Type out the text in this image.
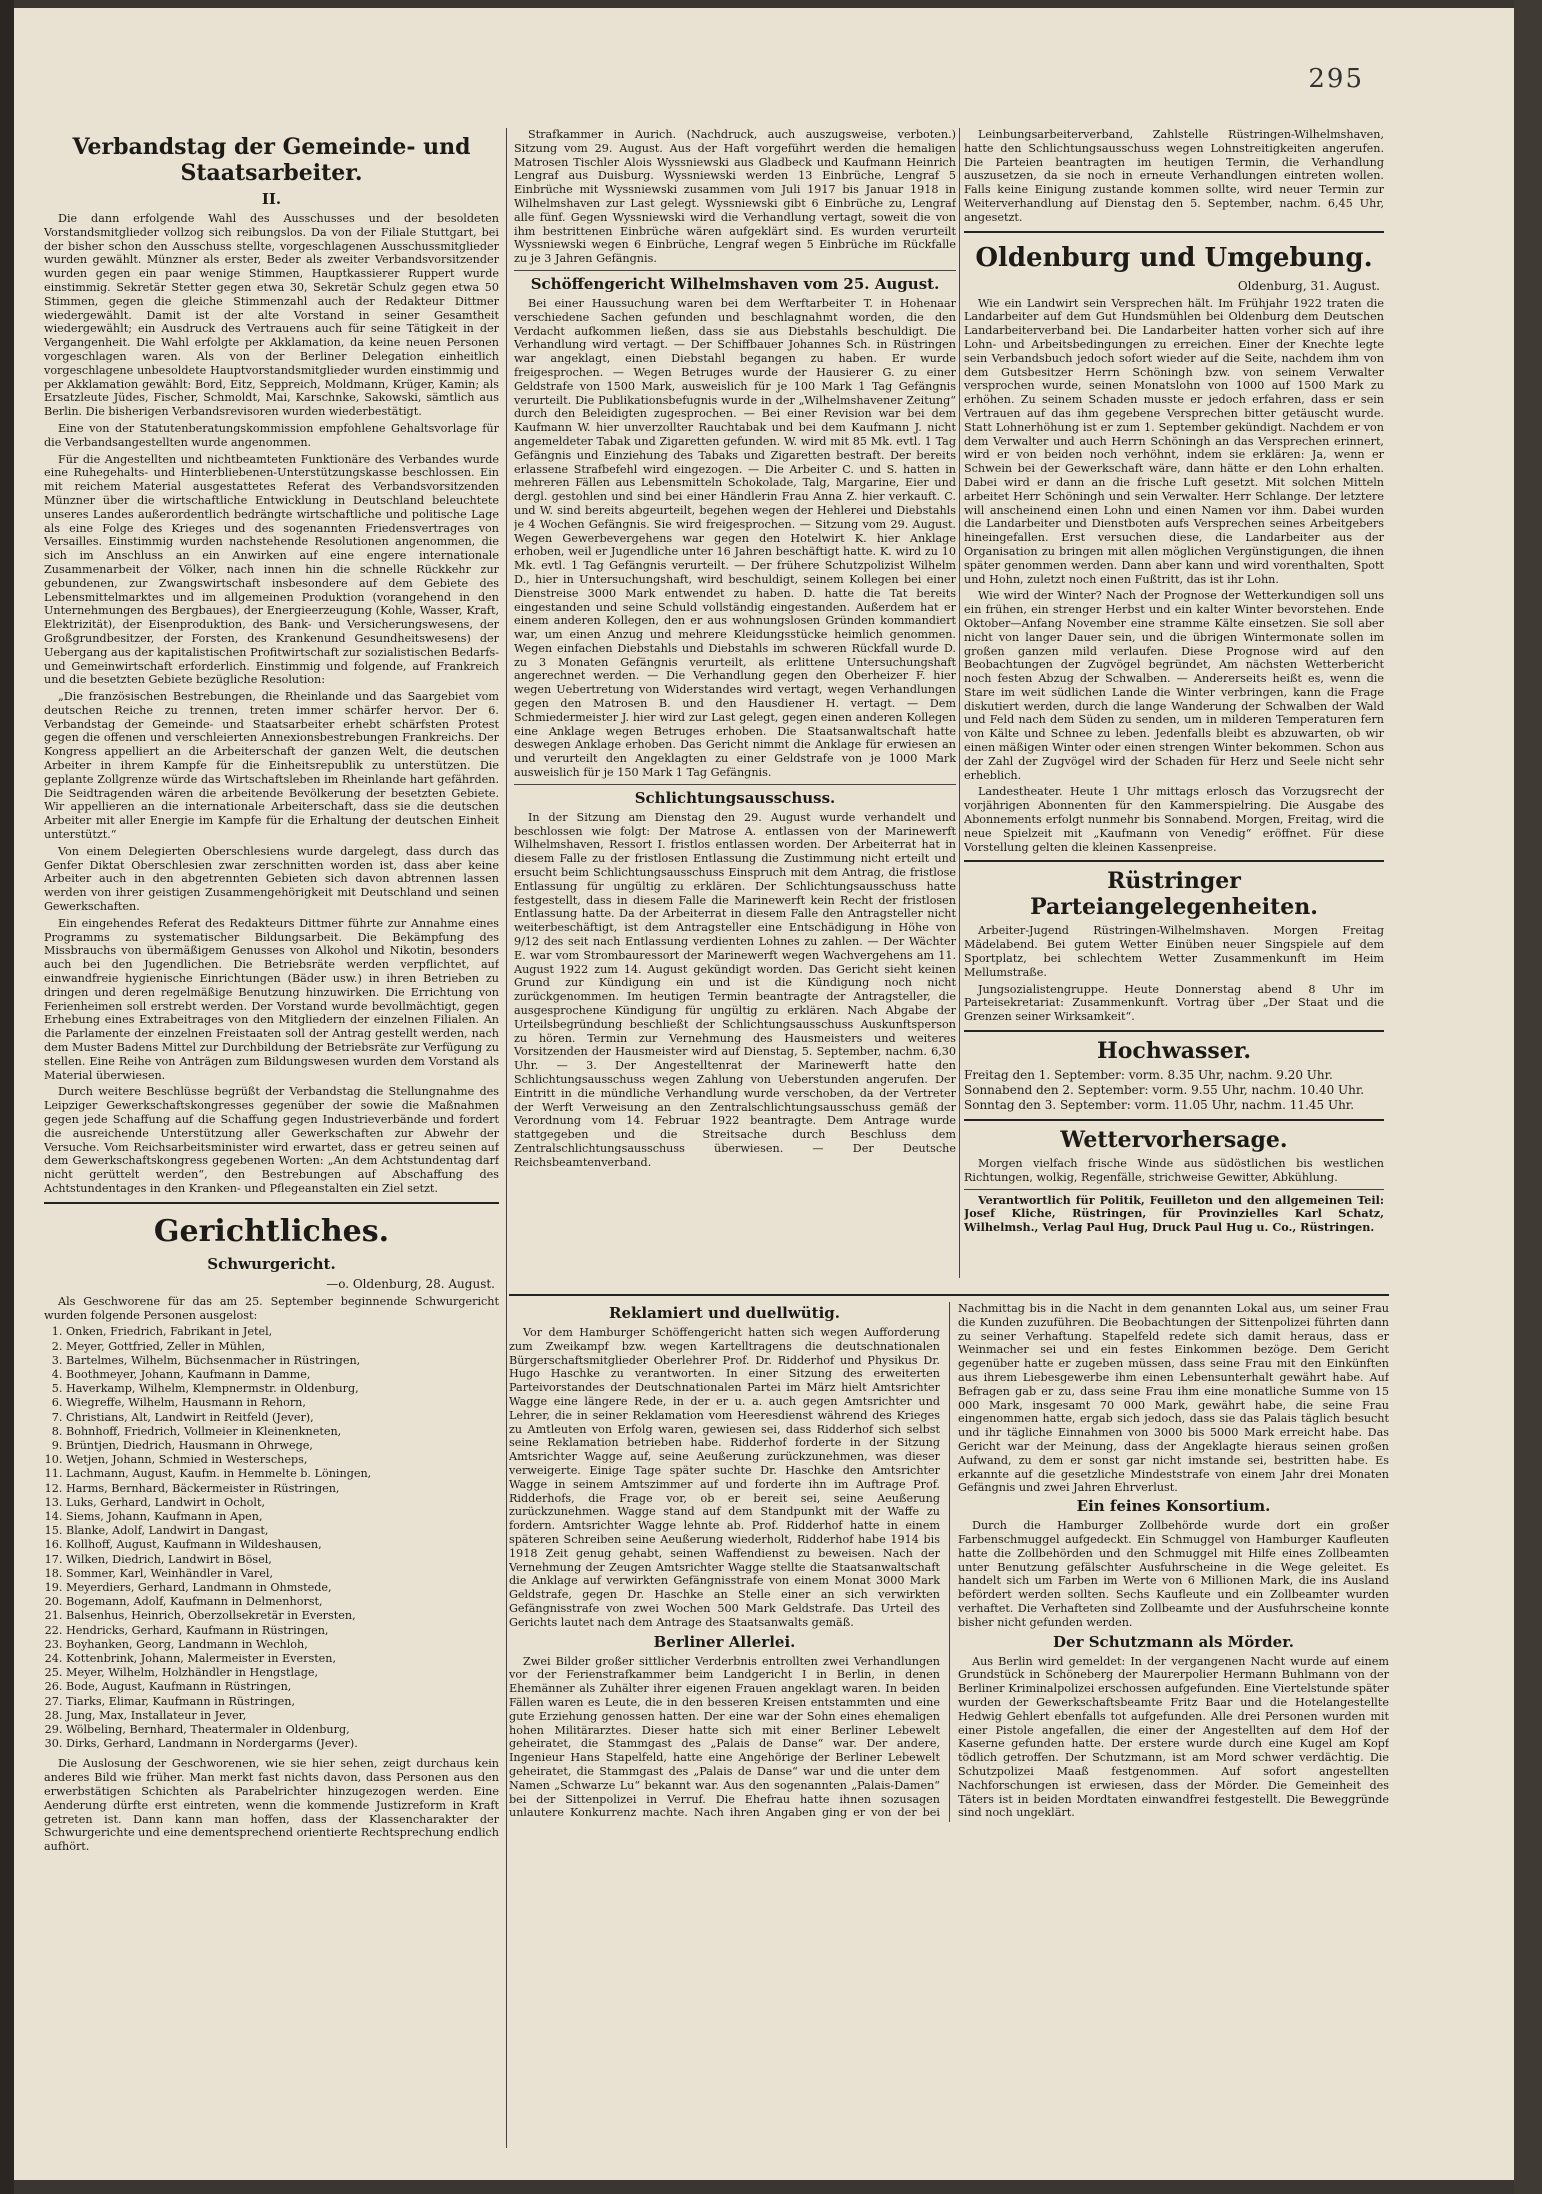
295
Verbandstag der Gemeinde- und Staatsarbeiter.
II.

Die dann erfolgende Wahl des Ausschusses und der besoldeten Vorstandsmitglieder vollzog sich reibungslos. Da von der Filiale Stuttgart, bei der bisher schon den Ausschuss stellte, vorgeschlagenen Ausschussmitglieder wurden gewählt. Münzner als erster, Beder als zweiter Verbandsvorsitzender wurden gegen ein paar wenige Stimmen, Hauptkassierer Ruppert wurde einstimmig. Sekretär Stetter gegen etwa 30, Sekretär Schulz gegen etwa 50 Stimmen, gegen die gleiche Stimmenzahl auch der Redakteur Dittmer wiedergewählt. Damit ist der alte Vorstand in seiner Gesamtheit wiedergewählt; ein Ausdruck des Vertrauens auch für seine Tätigkeit in der Vergangenheit. Die Wahl erfolgte per Akklamation, da keine neuen Personen vorgeschlagen waren. Als von der Berliner Delegation einheitlich vorgeschlagene unbesoldete Hauptvorstandsmitglieder wurden einstimmig und per Akklamation gewählt: Bord, Eitz, Seppreich, Moldmann, Krüger, Kamin; als Ersatzleute Jüdes, Fischer, Schmoldt, Mai, Karschnke, Sakowski, sämtlich aus Berlin. Die bisherigen Verbandsrevisoren wurden wiederbestätigt.

Eine von der Statutenberatungskommission empfohlene Gehaltsvorlage für die Verbandsangestellten wurde angenommen.

Für die Angestellten und nichtbeamteten Funktionäre des Verbandes wurde eine Ruhegehalts- und Hinterbliebenen-Unterstützungskasse beschlossen. Ein mit reichem Material ausgestattetes Referat des Verbandsvorsitzenden Münzner über die wirtschaftliche Entwicklung in Deutschland beleuchtete unseres Landes außerordentlich bedrängte wirtschaftliche und politische Lage als eine Folge des Krieges und des sogenannten Friedensvertrages von Versailles. Einstimmig wurden nachstehende Resolutionen angenommen, die sich im Anschluss an ein Anwirken auf eine engere internationale Zusammenarbeit der Völker, nach innen hin die schnelle Rückkehr zur gebundenen, zur Zwangswirtschaft insbesondere auf dem Gebiete des Lebensmittelmarktes und im allgemeinen Produktion (vorangehend in den Unternehmungen des Bergbaues), der Energieerzeugung (Kohle, Wasser, Kraft, Elektrizität), der Eisenproduktion, des Bank- und Versicherungswesens, der Großgrundbesitzer, der Forsten, des Krankenund Gesundheitswesens) der Uebergang aus der kapitalistischen Profitwirtschaft zur sozialistischen Bedarfs- und Gemeinwirtschaft erforderlich. Einstimmig und folgende, auf Frankreich und die besetzten Gebiete bezügliche Resolution:

„Die französischen Bestrebungen, die Rheinlande und das Saargebiet vom deutschen Reiche zu trennen, treten immer schärfer hervor. Der 6. Verbandstag der Gemeinde- und Staatsarbeiter erhebt schärfsten Protest gegen die offenen und verschleierten Annexionsbestrebungen Frankreichs. Der Kongress appelliert an die Arbeiterschaft der ganzen Welt, die deutschen Arbeiter in ihrem Kampfe für die Einheitsrepublik zu unterstützen. Die geplante Zollgrenze würde das Wirtschaftsleben im Rheinlande hart gefährden. Die Seidtragenden wären die arbeitende Bevölkerung der besetzten Gebiete. Wir appellieren an die internationale Arbeiterschaft, dass sie die deutschen Arbeiter mit aller Energie im Kampfe für die Erhaltung der deutschen Einheit unterstützt.“

Von einem Delegierten Oberschlesiens wurde dargelegt, dass durch das Genfer Diktat Oberschlesien zwar zerschnitten worden ist, dass aber keine Arbeiter auch in den abgetrennten Gebieten sich davon abtrennen lassen werden von ihrer geistigen Zusammengehörigkeit mit Deutschland und seinen Gewerkschaften.

Ein eingehendes Referat des Redakteurs Dittmer führte zur Annahme eines Programms zu systematischer Bildungsarbeit. Die Bekämpfung des Missbrauchs von übermäßigem Genusses von Alkohol und Nikotin, besonders auch bei den Jugendlichen. Die Betriebsräte werden verpflichtet, auf einwandfreie hygienische Einrichtungen (Bäder usw.) in ihren Betrieben zu dringen und deren regelmäßige Benutzung hinzuwirken. Die Errichtung von Ferienheimen soll erstrebt werden. Der Vorstand wurde bevollmächtigt, gegen Erhebung eines Extrabeitrages von den Mitgliedern der einzelnen Filialen. An die Parlamente der einzelnen Freistaaten soll der Antrag gestellt werden, nach dem Muster Badens Mittel zur Durchbildung der Betriebsräte zur Verfügung zu stellen. Eine Reihe von Anträgen zum Bildungswesen wurden dem Vorstand als Material überwiesen.

Durch weitere Beschlüsse begrüßt der Verbandstag die Stellungnahme des Leipziger Gewerkschaftskongresses gegenüber der sowie die Maßnahmen gegen jede Schaffung auf die Schaffung gegen Industrieverbände und fordert die ausreichende Unterstützung aller Gewerkschaften zur Abwehr der Versuche. Vom Reichsarbeitsminister wird erwartet, dass er getreu seinen auf dem Gewerkschaftskongress gegebenen Worten: „An dem Achtstundentag darf nicht gerüttelt werden“, den Bestrebungen auf Abschaffung des Achtstundentages in den Kranken- und Pflegeanstalten ein Ziel setzt.

Gerichtliches.
Schwurgericht.
—o. Oldenburg, 28. August.

Als Geschworene für das am 25. September beginnende Schwurgericht wurden folgende Personen ausgelost:

1. Onken, Friedrich, Fabrikant in Jetel,
2. Meyer, Gottfried, Zeller in Mühlen,
3. Bartelmes, Wilhelm, Büchsenmacher in Rüstringen,
4. Boothmeyer, Johann, Kaufmann in Damme,
5. Haverkamp, Wilhelm, Klempnermstr. in Oldenburg,
6. Wiegreffe, Wilhelm, Hausmann in Rehorn,
7. Christians, Alt, Landwirt in Reitfeld (Jever),
8. Bohnhoff, Friedrich, Vollmeier in Kleinenkneten,
9. Brüntjen, Diedrich, Hausmann in Ohrwege,
10. Wetjen, Johann, Schmied in Westerscheps,
11. Lachmann, August, Kaufm. in Hemmelte b. Löningen,
12. Harms, Bernhard, Bäckermeister in Rüstringen,
13. Luks, Gerhard, Landwirt in Ocholt,
14. Siems, Johann, Kaufmann in Apen,
15. Blanke, Adolf, Landwirt in Dangast,
16. Kollhoff, August, Kaufmann in Wildeshausen,
17. Wilken, Diedrich, Landwirt in Bösel,
18. Sommer, Karl, Weinhändler in Varel,
19. Meyerdiers, Gerhard, Landmann in Ohmstede,
20. Bogemann, Adolf, Kaufmann in Delmenhorst,
21. Balsenhus, Heinrich, Oberzollsekretär in Eversten,
22. Hendricks, Gerhard, Kaufmann in Rüstringen,
23. Boyhanken, Georg, Landmann in Wechloh,
24. Kottenbrink, Johann, Malermeister in Eversten,
25. Meyer, Wilhelm, Holzhändler in Hengstlage,
26. Bode, August, Kaufmann in Rüstringen,
27. Tiarks, Elimar, Kaufmann in Rüstringen,
28. Jung, Max, Installateur in Jever,
29. Wölbeling, Bernhard, Theatermaler in Oldenburg,
30. Dirks, Gerhard, Landmann in Nordergarms (Jever).

Die Auslosung der Geschworenen, wie sie hier sehen, zeigt durchaus kein anderes Bild wie früher. Man merkt fast nichts davon, dass Personen aus den erwerbstätigen Schichten als Parabelrichter hinzugezogen werden. Eine Aenderung dürfte erst eintreten, wenn die kommende Justizreform in Kraft getreten ist. Dann kann man hoffen, dass der Klassencharakter der Schwurgerichte und eine dementsprechend orientierte Rechtsprechung endlich aufhört.

Strafkammer in Aurich. (Nachdruck, auch auszugsweise, verboten.) Sitzung vom 29. August. Aus der Haft vorgeführt werden die hemaligen Matrosen Tischler Alois Wyssniewski aus Gladbeck und Kaufmann Heinrich Lengraf aus Duisburg. Wyssniewski werden 13 Einbrüche, Lengraf 5 Einbrüche mit Wyssniewski zusammen vom Juli 1917 bis Januar 1918 in Wilhelmshaven zur Last gelegt. Wyssniewski gibt 6 Einbrüche zu, Lengraf alle fünf. Gegen Wyssniewski wird die Verhandlung vertagt, soweit die von ihm bestrittenen Einbrüche wären aufgeklärt sind. Es wurden verurteilt Wyssniewski wegen 6 Einbrüche, Lengraf wegen 5 Einbrüche im Rückfalle zu je 3 Jahren Gefängnis.

Schöffengericht Wilhelmshaven vom 25. August.

Bei einer Haussuchung waren bei dem Werftarbeiter T. in Hohenaar verschiedene Sachen gefunden und beschlagnahmt worden, die den Verdacht aufkommen ließen, dass sie aus Diebstahls beschuldigt. Die Verhandlung wird vertagt. — Der Schiffbauer Johannes Sch. in Rüstringen war angeklagt, einen Diebstahl begangen zu haben. Er wurde freigesprochen. — Wegen Betruges wurde der Hausierer G. zu einer Geldstrafe von 1500 Mark, ausweislich für je 100 Mark 1 Tag Gefängnis verurteilt. Die Publikationsbefugnis wurde in der „Wilhelmshavener Zeitung“ durch den Beleidigten zugesprochen. — Bei einer Revision war bei dem Kaufmann W. hier unverzollter Rauchtabak und bei dem Kaufmann J. nicht angemeldeter Tabak und Zigaretten gefunden. W. wird mit 85 Mk. evtl. 1 Tag Gefängnis und Einziehung des Tabaks und Zigaretten bestraft. Der bereits erlassene Strafbefehl wird eingezogen. — Die Arbeiter C. und S. hatten in mehreren Fällen aus Lebensmitteln Schokolade, Talg, Margarine, Eier und dergl. gestohlen und sind bei einer Händlerin Frau Anna Z. hier verkauft. C. und W. sind bereits abgeurteilt, begehen wegen der Hehlerei und Diebstahls je 4 Wochen Gefängnis. Sie wird freigesprochen. — Sitzung vom 29. August. Wegen Gewerbevergehens war gegen den Hotelwirt K. hier Anklage erhoben, weil er Jugendliche unter 16 Jahren beschäftigt hatte. K. wird zu 10 Mk. evtl. 1 Tag Gefängnis verurteilt. — Der frühere Schutzpolizist Wilhelm D., hier in Untersuchungshaft, wird beschuldigt, seinem Kollegen bei einer Dienstreise 3000 Mark entwendet zu haben. D. hatte die Tat bereits eingestanden und seine Schuld vollständig eingestanden. Außerdem hat er einem anderen Kollegen, den er aus wohnungslosen Gründen kommandiert war, um einen Anzug und mehrere Kleidungsstücke heimlich genommen. Wegen einfachen Diebstahls und Diebstahls im schweren Rückfall wurde D. zu 3 Monaten Gefängnis verurteilt, als erlittene Untersuchungshaft angerechnet werden. — Die Verhandlung gegen den Oberheizer F. hier wegen Uebertretung von Widerstandes wird vertagt, wegen Verhandlungen gegen den Matrosen B. und den Hausdiener H. vertagt. — Dem Schmiedermeister J. hier wird zur Last gelegt, gegen einen anderen Kollegen eine Anklage wegen Betruges erhoben. Die Staatsanwaltschaft hatte deswegen Anklage erhoben. Das Gericht nimmt die Anklage für erwiesen an und verurteilt den Angeklagten zu einer Geldstrafe von je 1000 Mark ausweislich für je 150 Mark 1 Tag Gefängnis.

Schlichtungsausschuss.

In der Sitzung am Dienstag den 29. August wurde verhandelt und beschlossen wie folgt: Der Matrose A. entlassen von der Marinewerft Wilhelmshaven, Ressort I. fristlos entlassen worden. Der Arbeiterrat hat in diesem Falle zu der fristlosen Entlassung die Zustimmung nicht erteilt und ersucht beim Schlichtungsausschuss Einspruch mit dem Antrag, die fristlose Entlassung für ungültig zu erklären. Der Schlichtungsausschuss hatte festgestellt, dass in diesem Falle die Marinewerft kein Recht der fristlosen Entlassung hatte. Da der Arbeiterrat in diesem Falle den Antragsteller nicht weiterbeschäftigt, ist dem Antragsteller eine Entschädigung in Höhe von 9/12 des seit nach Entlassung verdienten Lohnes zu zahlen. — Der Wächter E. war vom Strombauressort der Marinewerft wegen Wachvergehens am 11. August 1922 zum 14. August gekündigt worden. Das Gericht sieht keinen Grund zur Kündigung ein und ist die Kündigung noch nicht zurückgenommen. Im heutigen Termin beantragte der Antragsteller, die ausgesprochene Kündigung für ungültig zu erklären. Nach Abgabe der Urteilsbegründung beschließt der Schlichtungsausschuss Auskunftsperson zu hören. Termin zur Vernehmung des Hausmeisters und weiteres Vorsitzenden der Hausmeister wird auf Dienstag, 5. September, nachm. 6,30 Uhr. — 3. Der Angestelltenrat der Marinewerft hatte den Schlichtungsausschuss wegen Zahlung von Ueberstunden angerufen. Der Eintritt in die mündliche Verhandlung wurde verschoben, da der Vertreter der Werft Verweisung an den Zentralschlichtungsausschuss gemäß der Verordnung vom 14. Februar 1922 beantragte. Dem Antrage wurde stattgegeben und die Streitsache durch Beschluss dem Zentralschlichtungsausschuss überwiesen. — Der Deutsche Reichsbeamtenverband.

Leinbungsarbeiterverband, Zahlstelle Rüstringen-Wilhelmshaven, hatte den Schlichtungsausschuss wegen Lohnstreitigkeiten angerufen. Die Parteien beantragten im heutigen Termin, die Verhandlung auszusetzen, da sie noch in erneute Verhandlungen eintreten wollen. Falls keine Einigung zustande kommen sollte, wird neuer Termin zur Weiterverhandlung auf Dienstag den 5. September, nachm. 6,45 Uhr, angesetzt.

Oldenburg und Umgebung.
Oldenburg, 31. August.

Wie ein Landwirt sein Versprechen hält. Im Frühjahr 1922 traten die Landarbeiter auf dem Gut Hundsmühlen bei Oldenburg dem Deutschen Landarbeiterverband bei. Die Landarbeiter hatten vorher sich auf ihre Lohn- und Arbeitsbedingungen zu erreichen. Einer der Knechte legte sein Verbandsbuch jedoch sofort wieder auf die Seite, nachdem ihm von dem Gutsbesitzer Herrn Schöningh bzw. von seinem Verwalter versprochen wurde, seinen Monatslohn von 1000 auf 1500 Mark zu erhöhen. Zu seinem Schaden musste er jedoch erfahren, dass er sein Vertrauen auf das ihm gegebene Versprechen bitter getäuscht wurde. Statt Lohnerhöhung ist er zum 1. September gekündigt. Nachdem er von dem Verwalter und auch Herrn Schöningh an das Versprechen erinnert, wird er von beiden noch verhöhnt, indem sie erklären: Ja, wenn er Schwein bei der Gewerkschaft wäre, dann hätte er den Lohn erhalten. Dabei wird er dann an die frische Luft gesetzt. Mit solchen Mitteln arbeitet Herr Schöningh und sein Verwalter. Herr Schlange. Der letztere will anscheinend einen Lohn und einen Namen vor ihm. Dabei wurden die Landarbeiter und Dienstboten aufs Versprechen seines Arbeitgebers hineingefallen. Erst versuchen diese, die Landarbeiter aus der Organisation zu bringen mit allen möglichen Vergünstigungen, die ihnen später genommen werden. Dann aber kann und wird vorenthalten, Spott und Hohn, zuletzt noch einen Fußtritt, das ist ihr Lohn.

Wie wird der Winter? Nach der Prognose der Wetterkundigen soll uns ein frühen, ein strenger Herbst und ein kalter Winter bevorstehen. Ende Oktober—Anfang November eine stramme Kälte einsetzen. Sie soll aber nicht von langer Dauer sein, und die übrigen Wintermonate sollen im großen ganzen mild verlaufen. Diese Prognose wird auf den Beobachtungen der Zugvögel begründet, Am nächsten Wetterbericht noch festen Abzug der Schwalben. — Andererseits heißt es, wenn die Stare im weit südlichen Lande die Winter verbringen, kann die Frage diskutiert werden, durch die lange Wanderung der Schwalben der Wald und Feld nach dem Süden zu senden, um in milderen Temperaturen fern von Kälte und Schnee zu leben. Jedenfalls bleibt es abzuwarten, ob wir einen mäßigen Winter oder einen strengen Winter bekommen. Schon aus der Zahl der Zugvögel wird der Schaden für Herz und Seele nicht sehr erheblich.

Landestheater. Heute 1 Uhr mittags erlosch das Vorzugsrecht der vorjährigen Abonnenten für den Kammerspielring. Die Ausgabe des Abonnements erfolgt nunmehr bis Sonnabend. Morgen, Freitag, wird die neue Spielzeit mit „Kaufmann von Venedig“ eröffnet. Für diese Vorstellung gelten die kleinen Kassenpreise.

Rüstringer Parteiangelegenheiten.

Arbeiter-Jugend Rüstringen-Wilhelmshaven. Morgen Freitag Mädelabend. Bei gutem Wetter Einüben neuer Singspiele auf dem Sportplatz, bei schlechtem Wetter Zusammenkunft im Heim Mellumstraße.

Jungsozialistengruppe. Heute Donnerstag abend 8 Uhr im Parteisekretariat: Zusammenkunft. Vortrag über „Der Staat und die Grenzen seiner Wirksamkeit“.

Hochwasser.
Freitag den 1. September: vorm. 8.35 Uhr, nachm. 9.20 Uhr.
Sonnabend den 2. September: vorm. 9.55 Uhr, nachm. 10.40 Uhr.
Sonntag den 3. September: vorm. 11.05 Uhr, nachm. 11.45 Uhr.
Wettervorhersage.

Morgen vielfach frische Winde aus südöstlichen bis westlichen Richtungen, wolkig, Regenfälle, strichweise Gewitter, Abkühlung.

Verantwortlich für Politik, Feuilleton und den allgemeinen Teil: Josef Kliche, Rüstringen, für Provinzielles Karl Schatz, Wilhelmsh., Verlag Paul Hug, Druck Paul Hug u. Co., Rüstringen.

Reklamiert und duellwütig.

Vor dem Hamburger Schöffengericht hatten sich wegen Aufforderung zum Zweikampf bzw. wegen Kartelltragens die deutschnationalen Bürgerschaftsmitglieder Oberlehrer Prof. Dr. Ridderhof und Physikus Dr. Hugo Haschke zu verantworten. In einer Sitzung des erweiterten Parteivorstandes der Deutschnationalen Partei im März hielt Amtsrichter Wagge eine längere Rede, in der er u. a. auch gegen Amtsrichter und Lehrer, die in seiner Reklamation vom Heeresdienst während des Krieges zu Amtleuten von Erfolg waren, gewiesen sei, dass Ridderhof sich selbst seine Reklamation betrieben habe. Ridderhof forderte in der Sitzung Amtsrichter Wagge auf, seine Aeußerung zurückzunehmen, was dieser verweigerte. Einige Tage später suchte Dr. Haschke den Amtsrichter Wagge in seinem Amtszimmer auf und forderte ihn im Auftrage Prof. Ridderhofs, die Frage vor, ob er bereit sei, seine Aeußerung zurückzunehmen. Wagge stand auf dem Standpunkt mit der Waffe zu fordern. Amtsrichter Wagge lehnte ab. Prof. Ridderhof hatte in einem späteren Schreiben seine Aeußerung wiederholt, Ridderhof habe 1914 bis 1918 Zeit genug gehabt, seinen Waffendienst zu beweisen. Nach der Vernehmung der Zeugen Amtsrichter Wagge stellte die Staatsanwaltschaft die Anklage auf verwirkten Gefängnisstrafe von einem Monat 3000 Mark Geldstrafe, gegen Dr. Haschke an Stelle einer an sich verwirkten Gefängnisstrafe von zwei Wochen 500 Mark Geldstrafe. Das Urteil des Gerichts lautet nach dem Antrage des Staatsanwalts gemäß.

Berliner Allerlei.

Zwei Bilder großer sittlicher Verderbnis entrollten zwei Verhandlungen vor der Ferienstrafkammer beim Landgericht I in Berlin, in denen Ehemänner als Zuhälter ihrer eigenen Frauen angeklagt waren. In beiden Fällen waren es Leute, die in den besseren Kreisen entstammten und eine gute Erziehung genossen hatten. Der eine war der Sohn eines ehemaligen hohen Militärarztes. Dieser hatte sich mit einer Berliner Lebewelt geheiratet, die Stammgast des „Palais de Danse“ war. Der andere, Ingenieur Hans Stapelfeld, hatte eine Angehörige der Berliner Lebewelt geheiratet, die Stammgast des „Palais de Danse“ war und die unter dem Namen „Schwarze Lu“ bekannt war. Aus den sogenannten „Palais-Damen“ bei der Sittenpolizei in Verruf. Die Ehefrau hatte ihnen sozusagen unlautere Konkurrenz machte. Nach ihren Angaben ging er von der bei Nachmittag bis in die Nacht in dem genannten Lokal aus, um seiner Frau die Kunden zuzuführen. Die Beobachtungen der Sittenpolizei führten dann zu seiner Verhaftung. Stapelfeld redete sich damit heraus, dass er Weinmacher sei und ein festes Einkommen bezöge. Dem Gericht gegenüber hatte er zugeben müssen, dass seine Frau mit den Einkünften aus ihrem Liebesgewerbe ihm einen Lebensunterhalt gewährt habe. Auf Befragen gab er zu, dass seine Frau ihm eine monatliche Summe von 15 000 Mark, insgesamt 70 000 Mark, gewährt habe, die seine Frau eingenommen hatte, ergab sich jedoch, dass sie das Palais täglich besucht und ihr tägliche Einnahmen von 3000 bis 5000 Mark erreicht habe. Das Gericht war der Meinung, dass der Angeklagte hieraus seinen großen Aufwand, zu dem er sonst gar nicht imstande sei, bestritten habe. Es erkannte auf die gesetzliche Mindeststrafe von einem Jahr drei Monaten Gefängnis und zwei Jahren Ehrverlust.

Ein feines Konsortium.

Durch die Hamburger Zollbehörde wurde dort ein großer Farbenschmuggel aufgedeckt. Ein Schmuggel von Hamburger Kaufleuten hatte die Zollbehörden und den Schmuggel mit Hilfe eines Zollbeamten unter Benutzung gefälschter Ausfuhrscheine in die Wege geleitet. Es handelt sich um Farben im Werte von 6 Millionen Mark, die ins Ausland befördert werden sollten. Sechs Kaufleute und ein Zollbeamter wurden verhaftet. Die Verhafteten sind Zollbeamte und der Ausfuhrscheine konnte bisher nicht gefunden werden.

Der Schutzmann als Mörder.

Aus Berlin wird gemeldet: In der vergangenen Nacht wurde auf einem Grundstück in Schöneberg der Maurerpolier Hermann Buhlmann von der Berliner Kriminalpolizei erschossen aufgefunden. Eine Viertelstunde später wurden der Gewerkschaftsbeamte Fritz Baar und die Hotelangestellte Hedwig Gehlert ebenfalls tot aufgefunden. Alle drei Personen wurden mit einer Pistole angefallen, die einer der Angestellten auf dem Hof der Kaserne gefunden hatte. Der erstere wurde durch eine Kugel am Kopf tödlich getroffen. Der Schutzmann, ist am Mord schwer verdächtig. Die Schutzpolizei Maaß festgenommen. Auf sofort angestellten Nachforschungen ist erwiesen, dass der Mörder. Die Gemeinheit des Täters ist in beiden Mordtaten einwandfrei festgestellt. Die Beweggründe sind noch ungeklärt.
